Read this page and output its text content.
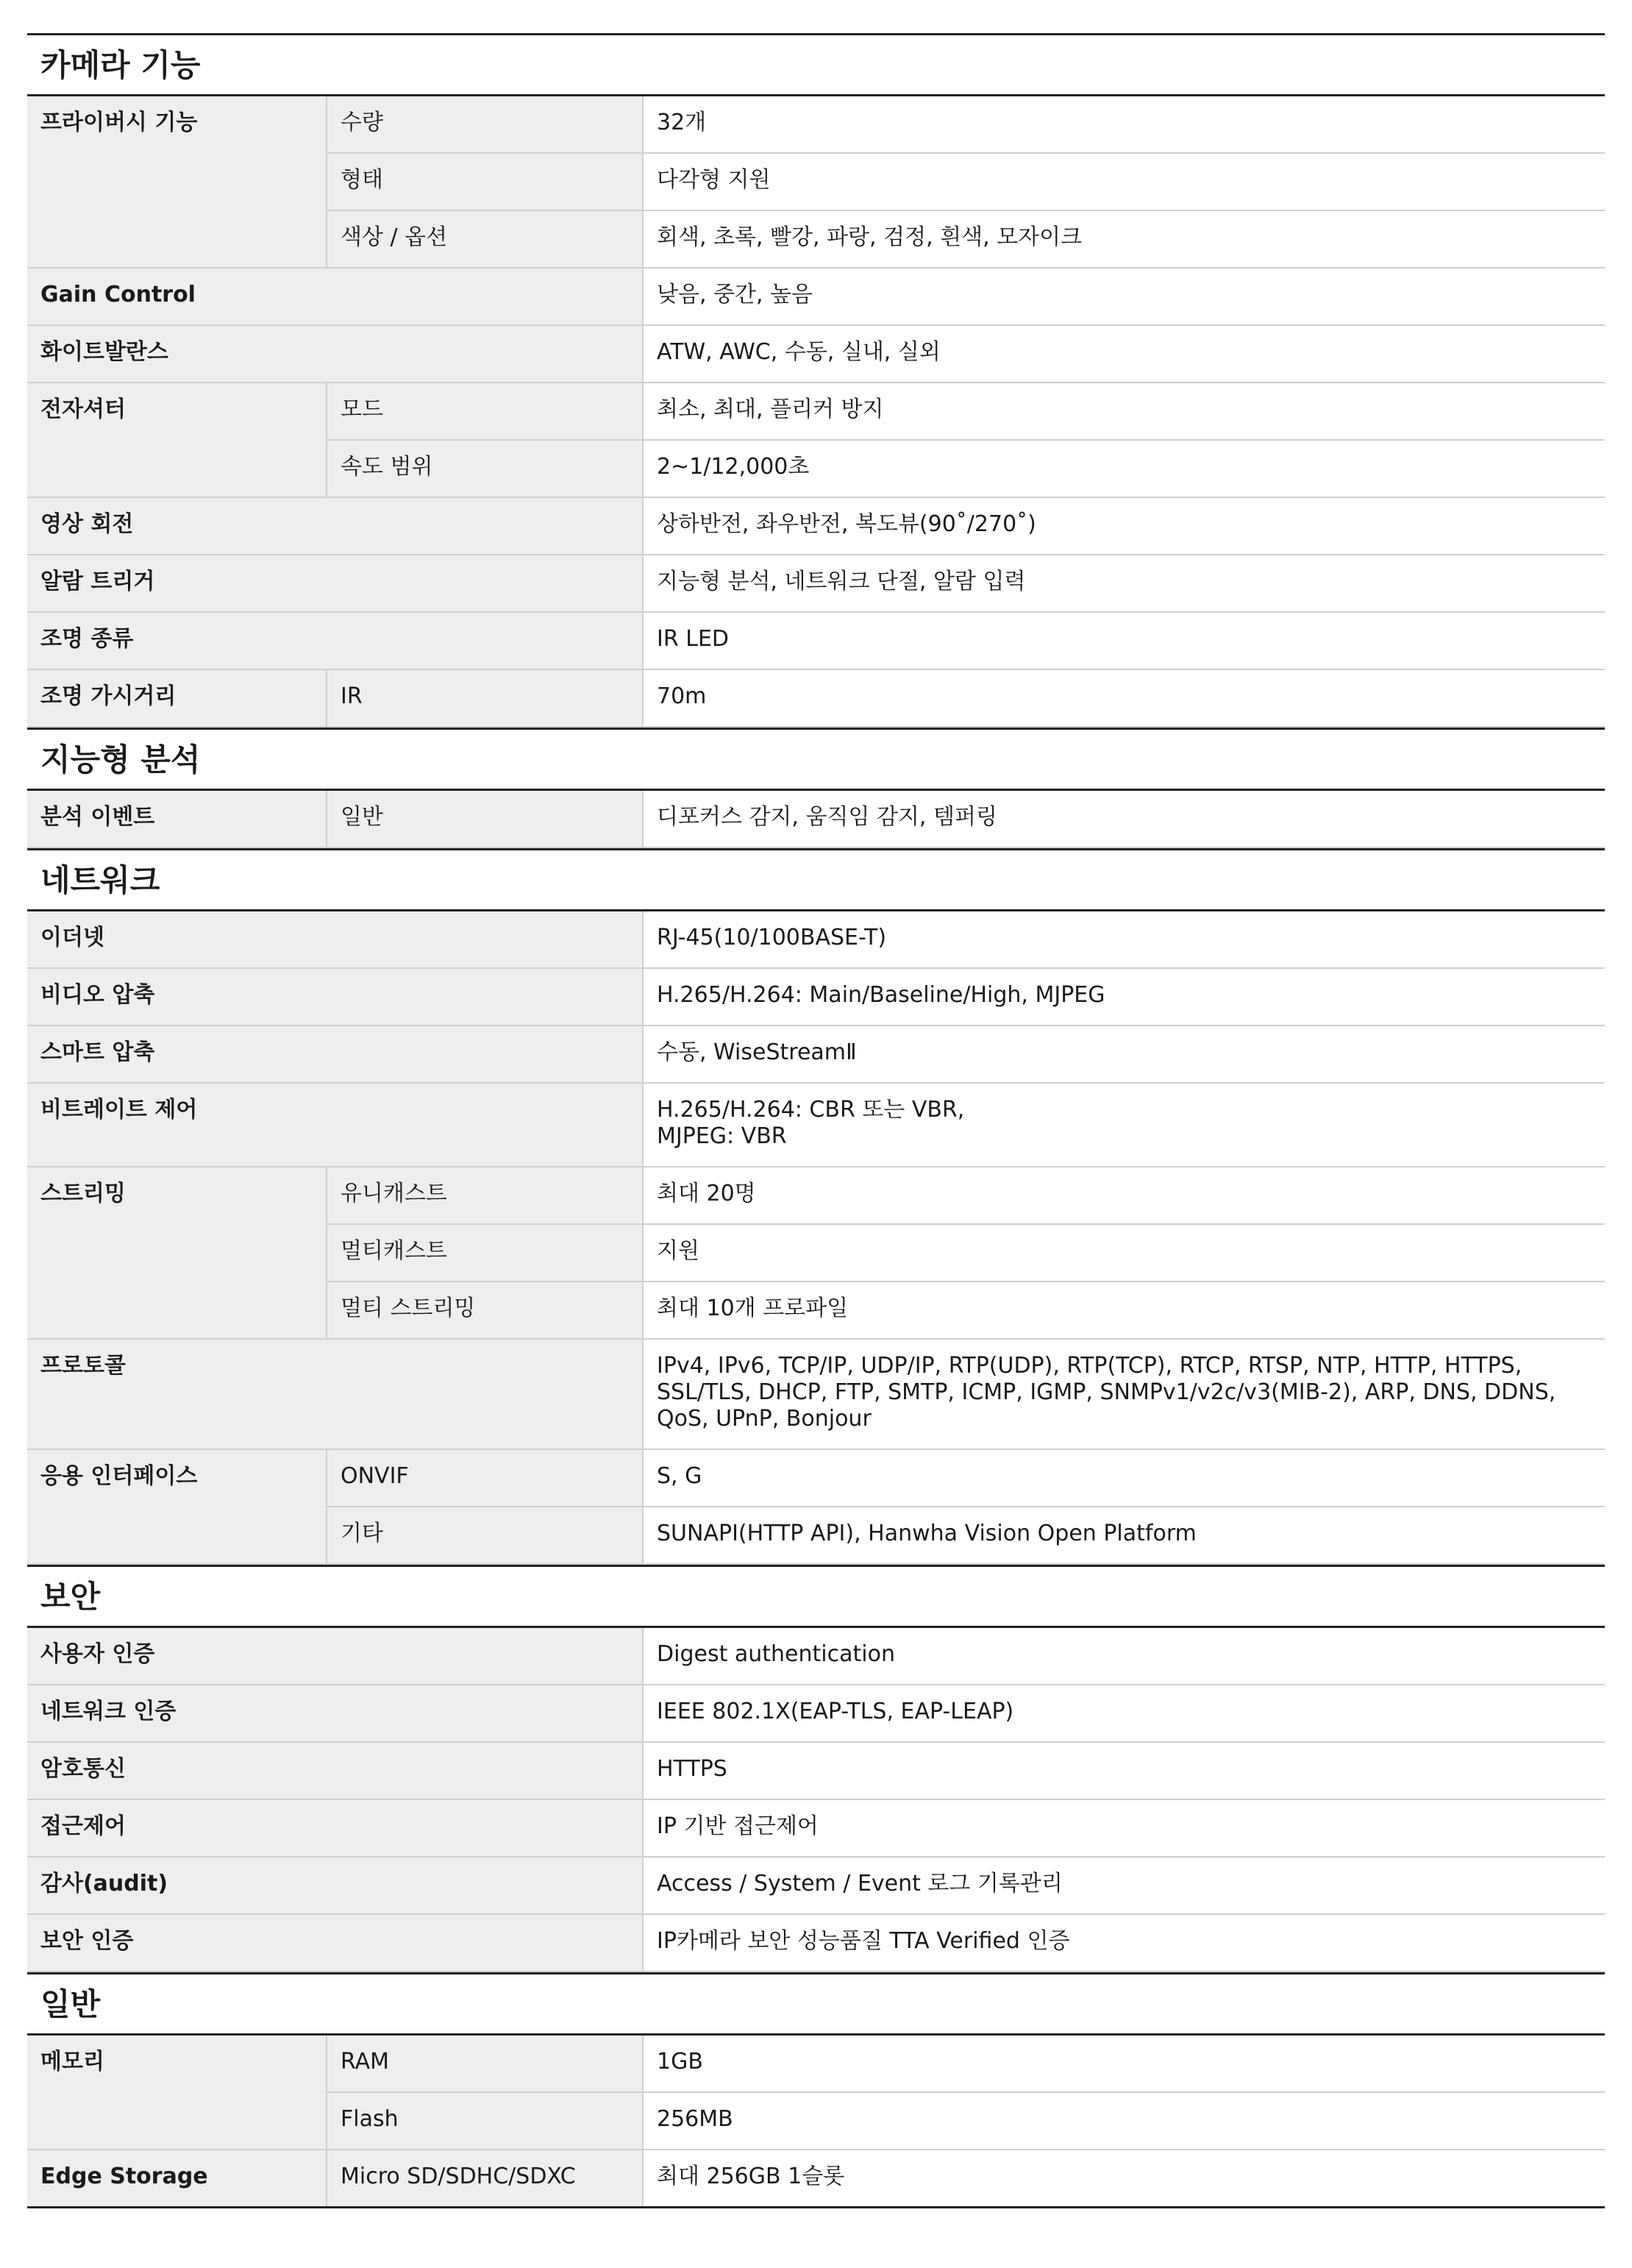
카메라 기능
프라이버시 기능	수량	32개
	형태	다각형 지원
	색상 / 옵션	회색, 초록, 빨강, 파랑, 검정, 흰색, 모자이크
Gain Control		낮음, 중간, 높음
화이트발란스		ATW, AWC, 수동, 실내, 실외
전자셔터	모드	최소, 최대, 플리커 방지
	속도 범위	2~1/12,000초
영상 회전		상하반전, 좌우반전, 복도뷰(90˚/270˚)
알람 트리거		지능형 분석, 네트워크 단절, 알람 입력
조명 종류		IR LED
조명 가시거리	IR	70m
지능형 분석
분석 이벤트	일반	디포커스 감지, 움직임 감지, 템퍼링
네트워크
이더넷		RJ-45(10/100BASE-T)
비디오 압축		H.265/H.264: Main/Baseline/High, MJPEG
스마트 압축		수동, WiseStreamⅡ
비트레이트 제어		H.265/H.264: CBR 또는 VBR,
MJPEG: VBR
스트리밍	유니캐스트	최대 20명
	멀티캐스트	지원
	멀티 스트리밍	최대 10개 프로파일
프로토콜		IPv4, IPv6, TCP/IP, UDP/IP, RTP(UDP), RTP(TCP), RTCP, RTSP, NTP, HTTP, HTTPS, SSL/TLS, DHCP, FTP, SMTP, ICMP, IGMP, SNMPv1/v2c/v3(MIB-2), ARP, DNS, DDNS, QoS, UPnP, Bonjour
응용 인터페이스	ONVIF	S, G
	기타	SUNAPI(HTTP API), Hanwha Vision Open Platform
보안
사용자 인증	Digest authentication
네트워크 인증	IEEE 802.1X(EAP-TLS, EAP-LEAP)
암호통신	HTTPS
접근제어	IP 기반 접근제어
감사(audit)	Access / System / Event 로그 기록관리
보안 인증	IP카메라 보안 성능품질 TTA Verified 인증
일반
메모리	RAM	1GB
	Flash	256MB
Edge Storage	Micro SD/SDHC/SDXC	최대 256GB 1슬롯
